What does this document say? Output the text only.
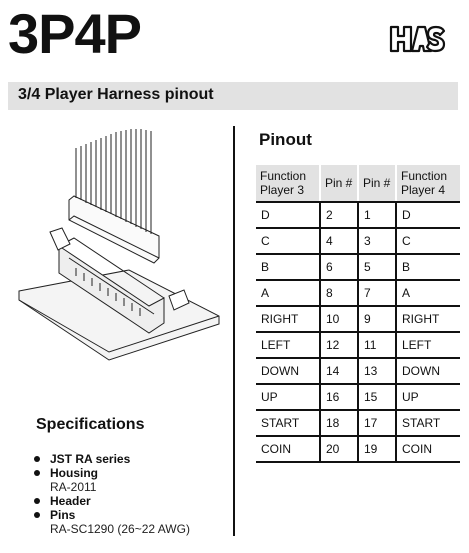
3P4P
3/4 Player Harness pinout
Specifications
JST RA series
Housing
RA-2011
Header
Pins
RA-SC1290 (26~22 AWG)
Pinout
Function Player 3	Pin #	Pin #	Function Player 4
D	2	1	D
C	4	3	C
B	6	5	B
A	8	7	A
RIGHT	10	9	RIGHT
LEFT	12	11	LEFT
DOWN	14	13	DOWN
UP	16	15	UP
START	18	17	START
COIN	20	19	COIN
